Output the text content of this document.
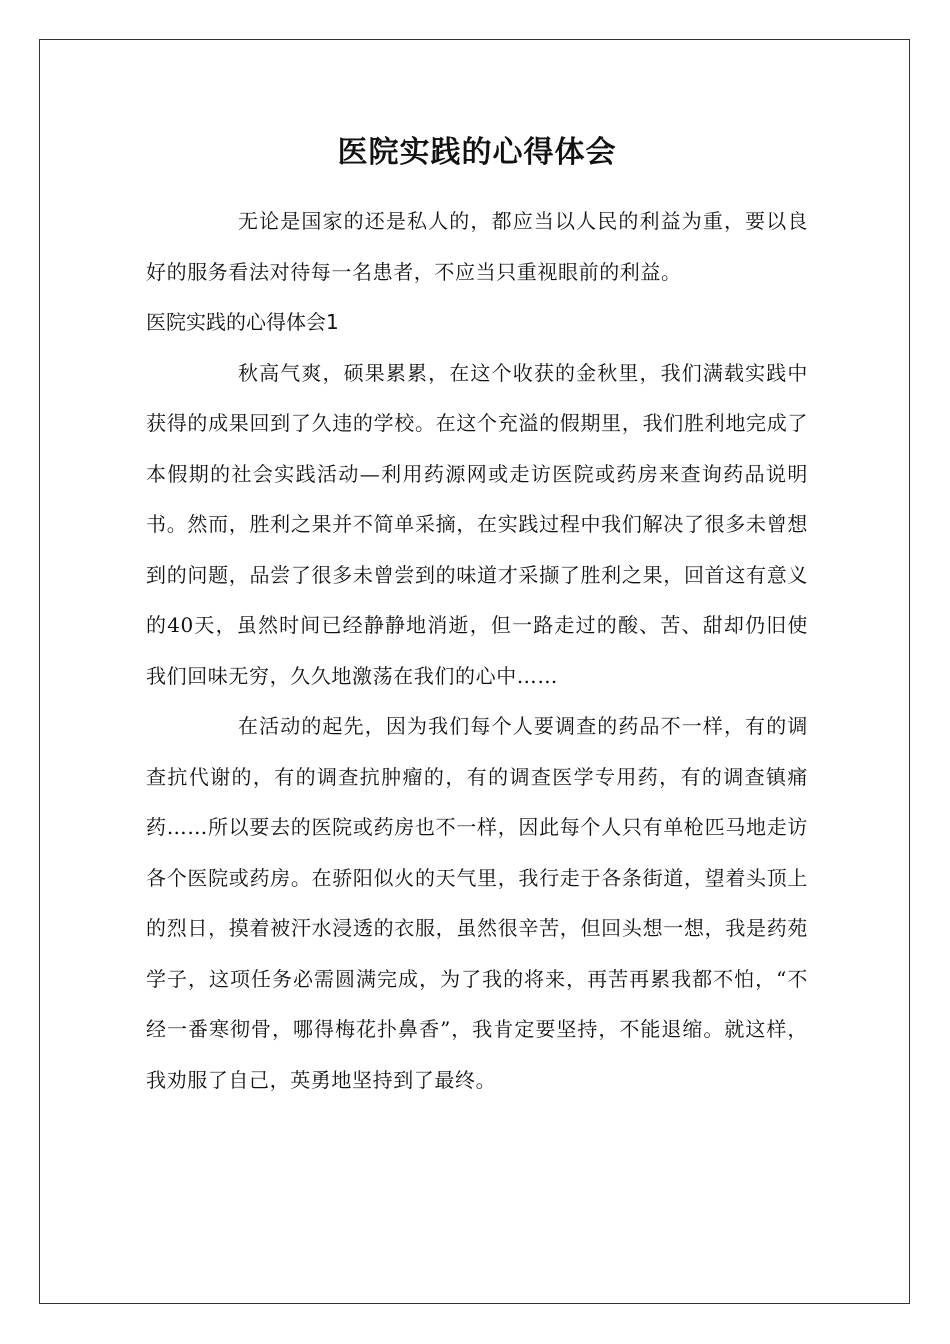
医院实践的心得体会

无论是国家的还是私人的，都应当以人民的利益为重，要以良好的服务看法对待每一名患者，不应当只重视眼前的利益。

医院实践的心得体会1

秋高气爽，硕果累累，在这个收获的金秋里，我们满载实践中获得的成果回到了久违的学校。在这个充溢的假期里，我们胜利地完成了本假期的社会实践活动—利用药源网或走访医院或药房来查询药品说明书。然而，胜利之果并不简单采摘，在实践过程中我们解决了很多未曾想到的问题，品尝了很多未曾尝到的味道才采撷了胜利之果，回首这有意义的40天，虽然时间已经静静地消逝，但一路走过的酸、苦、甜却仍旧使我们回味无穷，久久地激荡在我们的心中……

在活动的起先，因为我们每个人要调查的药品不一样，有的调查抗代谢的，有的调查抗肿瘤的，有的调查医学专用药，有的调查镇痛药……所以要去的医院或药房也不一样，因此每个人只有单枪匹马地走访各个医院或药房。在骄阳似火的天气里，我行走于各条街道，望着头顶上的烈日，摸着被汗水浸透的衣服，虽然很辛苦，但回头想一想，我是药苑学子，这项任务必需圆满完成，为了我的将来，再苦再累我都不怕，“不经一番寒彻骨，哪得梅花扑鼻香”，我肯定要坚持，不能退缩。就这样，我劝服了自己，英勇地坚持到了最终。
